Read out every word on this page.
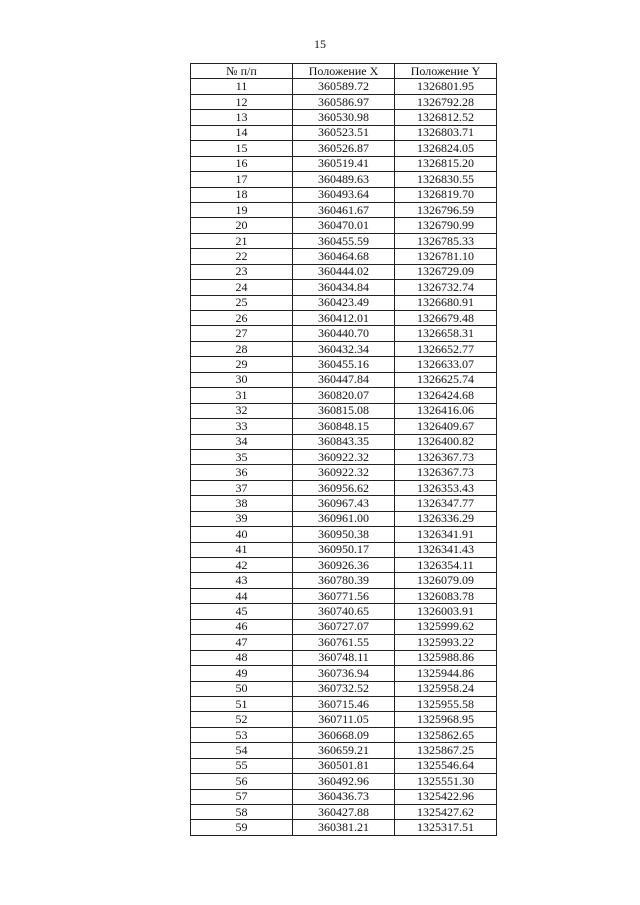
15
№ п/п	Положение X	Положение Y
11	360589.72	1326801.95
12	360586.97	1326792.28
13	360530.98	1326812.52
14	360523.51	1326803.71
15	360526.87	1326824.05
16	360519.41	1326815.20
17	360489.63	1326830.55
18	360493.64	1326819.70
19	360461.67	1326796.59
20	360470.01	1326790.99
21	360455.59	1326785.33
22	360464.68	1326781.10
23	360444.02	1326729.09
24	360434.84	1326732.74
25	360423.49	1326680.91
26	360412.01	1326679.48
27	360440.70	1326658.31
28	360432.34	1326652.77
29	360455.16	1326633.07
30	360447.84	1326625.74
31	360820.07	1326424.68
32	360815.08	1326416.06
33	360848.15	1326409.67
34	360843.35	1326400.82
35	360922.32	1326367.73
36	360922.32	1326367.73
37	360956.62	1326353.43
38	360967.43	1326347.77
39	360961.00	1326336.29
40	360950.38	1326341.91
41	360950.17	1326341.43
42	360926.36	1326354.11
43	360780.39	1326079.09
44	360771.56	1326083.78
45	360740.65	1326003.91
46	360727.07	1325999.62
47	360761.55	1325993.22
48	360748.11	1325988.86
49	360736.94	1325944.86
50	360732.52	1325958.24
51	360715.46	1325955.58
52	360711.05	1325968.95
53	360668.09	1325862.65
54	360659.21	1325867.25
55	360501.81	1325546.64
56	360492.96	1325551.30
57	360436.73	1325422.96
58	360427.88	1325427.62
59	360381.21	1325317.51
